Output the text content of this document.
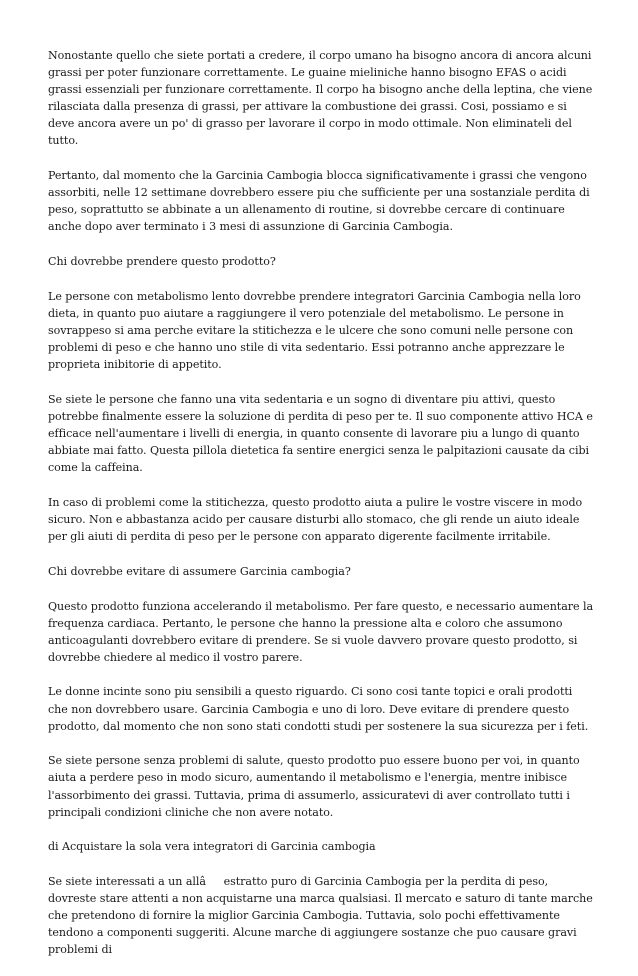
Nonostante quello che siete portati a credere, il corpo umano ha bisogno ancora di ancora alcuni grassi per poter funzionare correttamente. Le guaine mieliniche hanno bisogno EFAS o acidi grassi essenziali per funzionare correttamente. Il corpo ha bisogno anche della leptina, che viene rilasciata dalla presenza di grassi, per attivare la combustione dei grassi. Cosi, possiamo e si deve ancora avere un po' di grasso per lavorare il corpo in modo ottimale. Non eliminateli del tutto.

Pertanto, dal momento che la Garcinia Cambogia blocca significativamente i grassi che vengono assorbiti, nelle 12 settimane dovrebbero essere piu che sufficiente per una sostanziale perdita di peso, soprattutto se abbinate a un allenamento di routine, si dovrebbe cercare di continuare anche dopo aver terminato i 3 mesi di assunzione di Garcinia Cambogia.

Chi dovrebbe prendere questo prodotto?

Le persone con metabolismo lento dovrebbe prendere integratori Garcinia Cambogia nella loro dieta, in quanto puo aiutare a raggiungere il vero potenziale del metabolismo. Le persone in sovrappeso si ama perche evitare la stitichezza e le ulcere che sono comuni nelle persone con problemi di peso e che hanno uno stile di vita sedentario. Essi potranno anche apprezzare le proprieta inibitorie di appetito.

Se siete le persone che fanno una vita sedentaria e un sogno di diventare piu attivi, questo potrebbe finalmente essere la soluzione di perdita di peso per te. Il suo componente attivo HCA e efficace nell'aumentare i livelli di energia, in quanto consente di lavorare piu a lungo di quanto abbiate mai fatto. Questa pillola dietetica fa sentire energici senza le palpitazioni causate da cibi come la caffeina.

In caso di problemi come la stitichezza, questo prodotto aiuta a pulire le vostre viscere in modo sicuro. Non e abbastanza acido per causare disturbi allo stomaco, che gli rende un aiuto ideale per gli aiuti di perdita di peso per le persone con apparato digerente facilmente irritabile.

Chi dovrebbe evitare di assumere Garcinia cambogia?

Questo prodotto funziona accelerando il metabolismo. Per fare questo, e necessario aumentare la frequenza cardiaca. Pertanto, le persone che hanno la pressione alta e coloro che assumono anticoagulanti dovrebbero evitare di prendere. Se si vuole davvero provare questo prodotto, si dovrebbe chiedere al medico il vostro parere.

Le donne incinte sono piu sensibili a questo riguardo. Ci sono cosi tante topici e orali prodotti che non dovrebbero usare. Garcinia Cambogia e uno di loro. Deve evitare di prendere questo prodotto, dal momento che non sono stati condotti studi per sostenere la sua sicurezza per i feti.

Se siete persone senza problemi di salute, questo prodotto puo essere buono per voi, in quanto aiuta a perdere peso in modo sicuro, aumentando il metabolismo e l'energia, mentre inibisce l'assorbimento dei grassi. Tuttavia, prima di assumerlo, assicuratevi di aver controllato tutti i principali condizioni cliniche che non avere notato.

di Acquistare la sola vera integratori di Garcinia cambogia

Se siete interessati a un allâestratto puro di Garcinia Cambogia per la perdita di peso, dovreste stare attenti a non acquistarne una marca qualsiasi. Il mercato e saturo di tante marche che pretendono di fornire la miglior Garcinia Cambogia. Tuttavia, solo pochi effettivamente tendono a componenti suggeriti. Alcune marche di aggiungere sostanze che puo causare gravi problemi di
